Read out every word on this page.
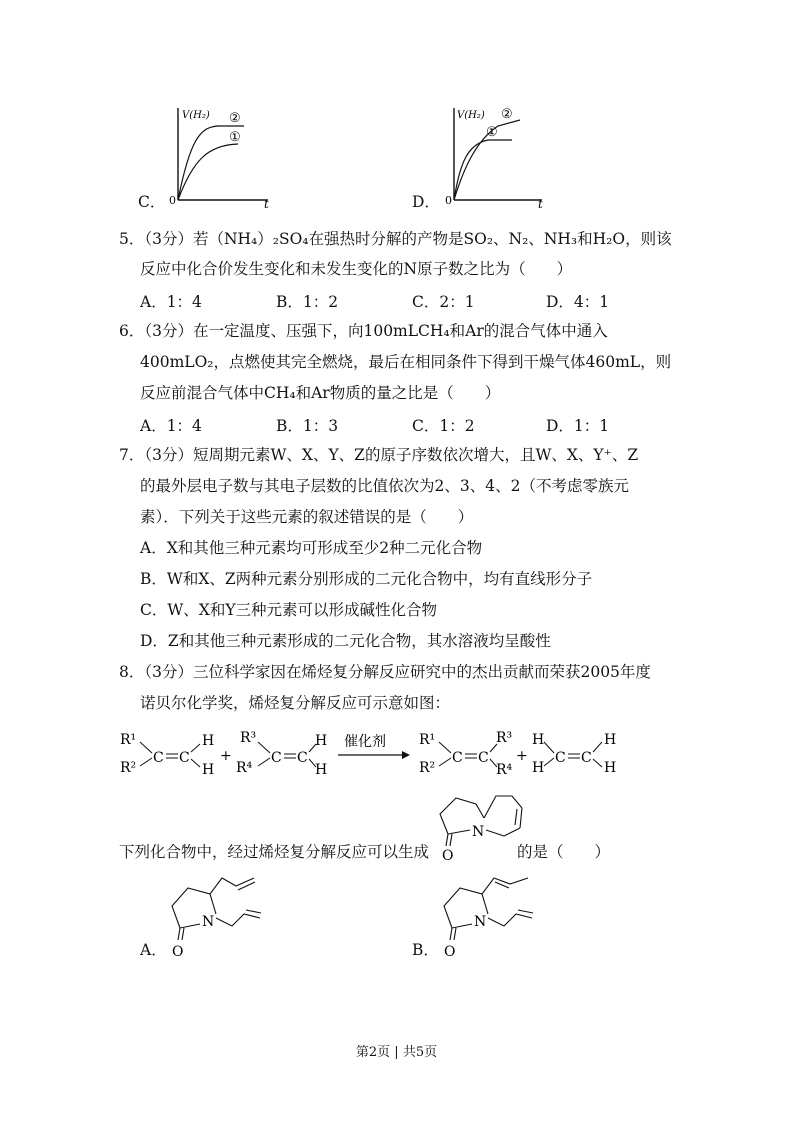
C．
V(H₂)
t
0
②
①
D．
V(H₂)
t
0
②
①
5．（3分）若（NH₄）₂SO₄在强热时分解的产物是SO₂、N₂、NH₃和H₂O，则该
反应中化合价发生变化和未发生变化的N原子数之比为（　　）
A．1：4	B．1：2	C．2：1	D．4：1
6．（3分）在一定温度、压强下，向100mLCH₄和Ar的混合气体中通入
400mLO₂，点燃使其完全燃烧，最后在相同条件下得到干燥气体460mL，则
反应前混合气体中CH₄和Ar物质的量之比是（　　）
A．1：4	B．1：3	C．1：2	D．1：1
7．（3分）短周期元素W、X、Y、Z的原子序数依次增大，且W、X、Y⁺、Z
的最外层电子数与其电子层数的比值依次为2、3、4、2（不考虑零族元
素）．下列关于这些元素的叙述错误的是（　　）
A．X和其他三种元素均可形成至少2种二元化合物
B．W和X、Z两种元素分别形成的二元化合物中，均有直线形分子
C．W、X和Y三种元素可以形成碱性化合物
D．Z和其他三种元素形成的二元化合物，其水溶液均呈酸性
8．（3分）三位科学家因在烯烃复分解反应研究中的杰出贡献而荣获2005年度
诺贝尔化学奖，烯烃复分解反应可示意如图：
R¹
R²
C C
H
H
+
R³
R⁴
C C
H
H
催化剂 R¹
R²
C C
R³
R⁴
+
H
H
C C
H
H
下列化合物中，经过烯烃复分解反应可以生成
N
O	的是（　　）
A．
N
O	B．
N
O
第2页 | 共5页
